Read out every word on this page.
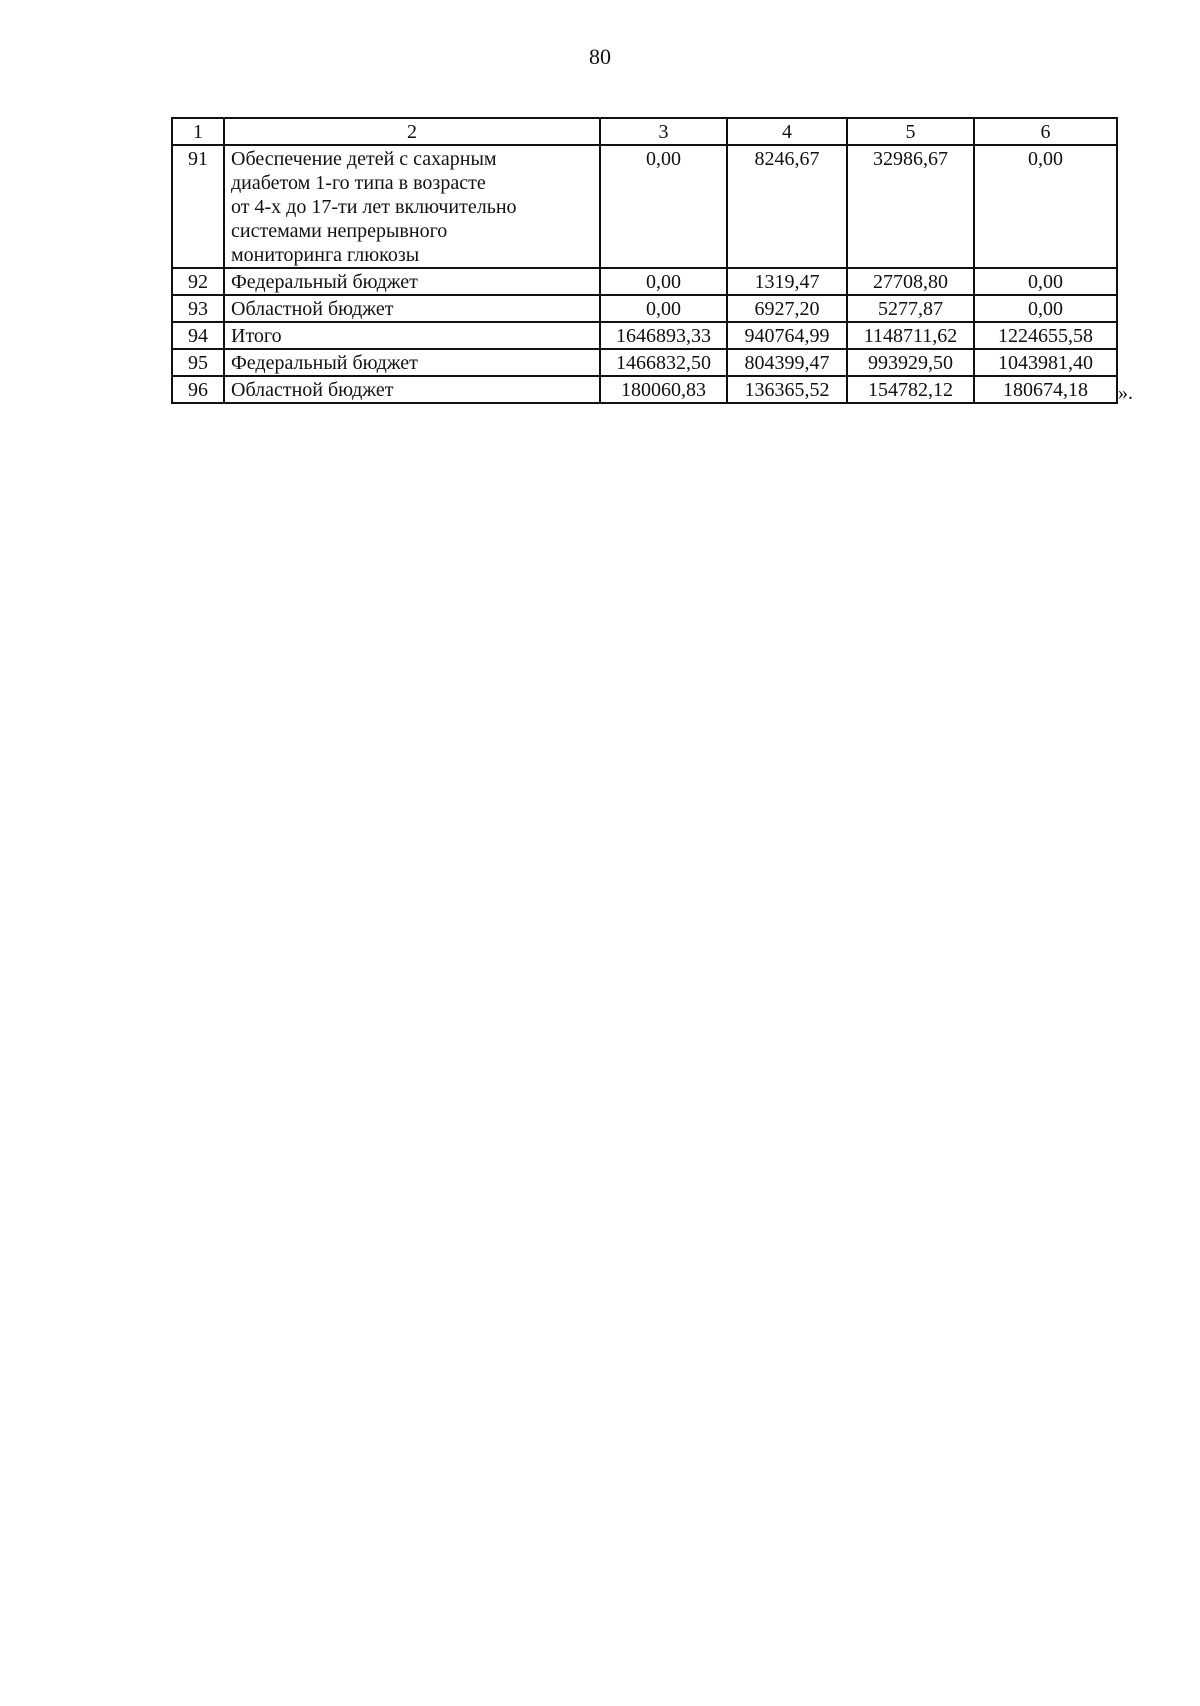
80
1	2	3	4	5	6
91	Обеспечение детей с сахарным
диабетом 1-го типа в возрасте
от 4-х до 17-ти лет включительно
системами непрерывного
мониторинга глюкозы	0,00	8246,67	32986,67	0,00
92	Федеральный бюджет	0,00	1319,47	27708,80	0,00
93	Областной бюджет	0,00	6927,20	5277,87	0,00
94	Итого	1646893,33	940764,99	1148711,62	1224655,58
95	Федеральный бюджет	1466832,50	804399,47	993929,50	1043981,40
96	Областной бюджет	180060,83	136365,52	154782,12	180674,18 ».
